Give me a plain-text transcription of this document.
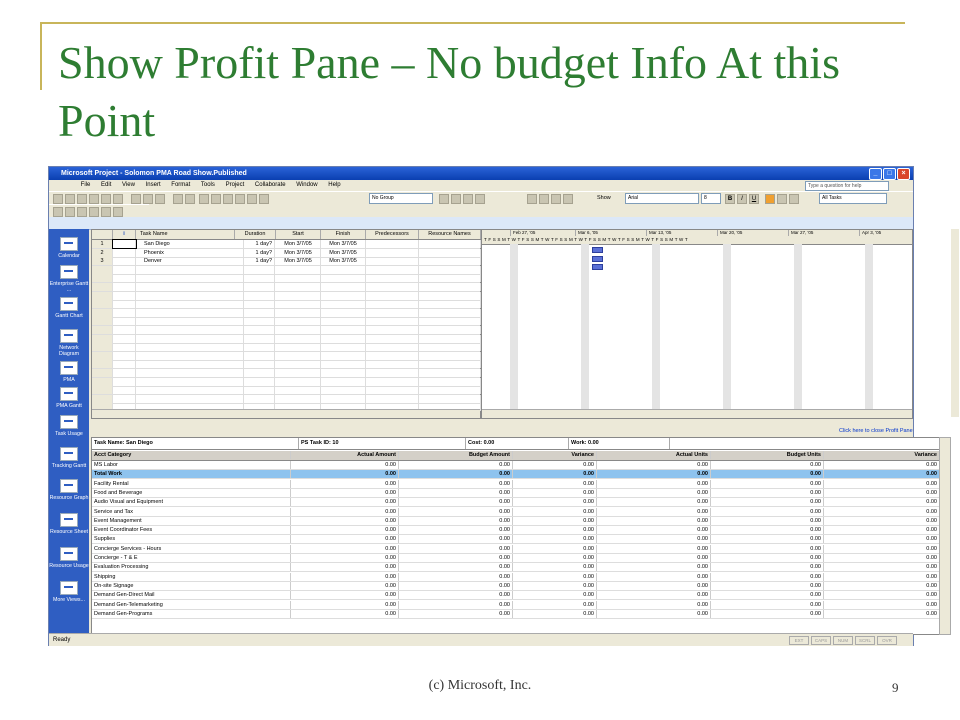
Show Profit Pane – No budget Info At this Point
Microsoft Project - Solomon PMA Road Show.Published	_	□	×
File Edit View Insert Format Tools Project Collaborate Window Help	Type a question for help
No Group	Show	Arial	8	B	I	U	All Tasks
Calendar
Enterprise Gantt ...
Gantt Chart
Network Diagram
PMA
PMA Gantt
Task Usage
Tracking Gantt
Resource Graph
Resource Sheet
Resource Usage
More Views...
i	Task Name	Duration	Start	Finish	Predecessors	Resource Names
1	San Diego	1 day?	Mon 3/7/05	Mon 3/7/05
2	Phoenix	1 day?	Mon 3/7/05	Mon 3/7/05
3	Denver	1 day?	Mon 3/7/05	Mon 3/7/05
Feb 27, '05	Mar 6, '05	Mar 13, '05	Mar 20, '05	Mar 27, '05	Apr 3, '05
T F S S M T W T F S S M T W T F S S M T W T F S S M T W T F S S M T W T F S S M T W T
Click here to close Profit Pane
Task Name: San Diego	PS Task ID: 10	Cost: 0.00	Work: 0.00
Acct Category	Actual Amount	Budget Amount	Variance	Actual Units	Budget Units	Variance
MS Labor	0.00	0.00	0.00	0.00	0.00	0.00
Total Work	0.00	0.00	0.00	0.00	0.00	0.00
Facility Rental	0.00	0.00	0.00	0.00	0.00	0.00
Food and Beverage	0.00	0.00	0.00	0.00	0.00	0.00
Audio Visual and Equipment	0.00	0.00	0.00	0.00	0.00	0.00
Service and Tax	0.00	0.00	0.00	0.00	0.00	0.00
Event Management	0.00	0.00	0.00	0.00	0.00	0.00
Event Coordinator Fees	0.00	0.00	0.00	0.00	0.00	0.00
Supplies	0.00	0.00	0.00	0.00	0.00	0.00
Concierge Services - Hours	0.00	0.00	0.00	0.00	0.00	0.00
Concierge - T & E	0.00	0.00	0.00	0.00	0.00	0.00
Evaluation Processing	0.00	0.00	0.00	0.00	0.00	0.00
Shipping	0.00	0.00	0.00	0.00	0.00	0.00
On-site Signage	0.00	0.00	0.00	0.00	0.00	0.00
Demand Gen-Direct Mail	0.00	0.00	0.00	0.00	0.00	0.00
Demand Gen-Telemarketing	0.00	0.00	0.00	0.00	0.00	0.00
Demand Gen-Programs	0.00	0.00	0.00	0.00	0.00	0.00
Ready	EXT	CAPS	NUM	SCRL	OVR
(c) Microsoft, Inc.	9
